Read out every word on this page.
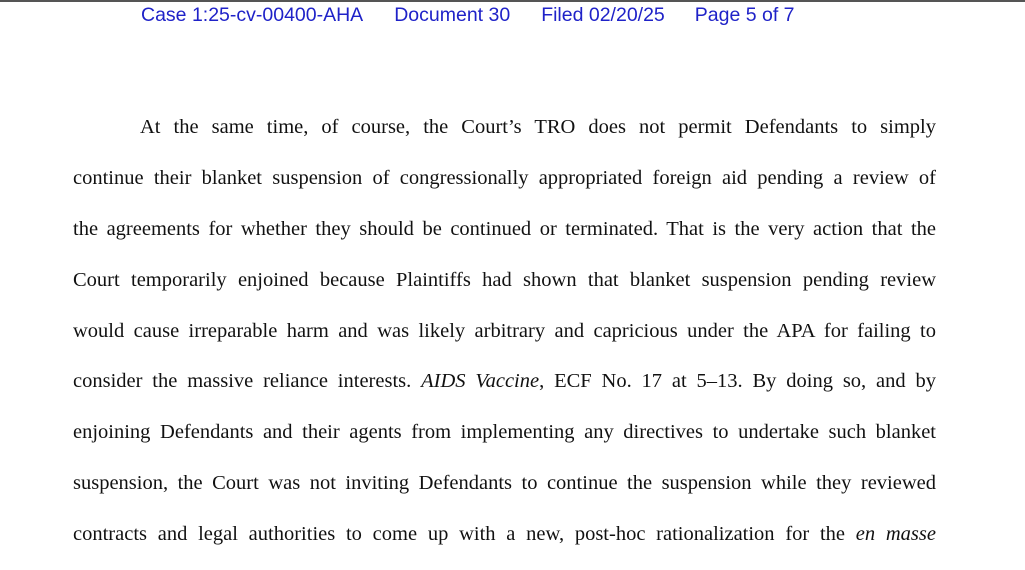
Case 1:25-cv-00400-AHA Document 30 Filed 02/20/25 Page 5 of 7
At the same time, of course, the Court’s TRO does not permit Defendants to simply
continue their blanket suspension of congressionally appropriated foreign aid pending a review of
the agreements for whether they should be continued or terminated. That is the very action that the
Court temporarily enjoined because Plaintiffs had shown that blanket suspension pending review
would cause irreparable harm and was likely arbitrary and capricious under the APA for failing to
consider the massive reliance interests. AIDS Vaccine, ECF No. 17 at 5–13. By doing so, and by
enjoining Defendants and their agents from implementing any directives to undertake such blanket
suspension, the Court was not inviting Defendants to continue the suspension while they reviewed
contracts and legal authorities to come up with a new, post-hoc rationalization for the en masse
